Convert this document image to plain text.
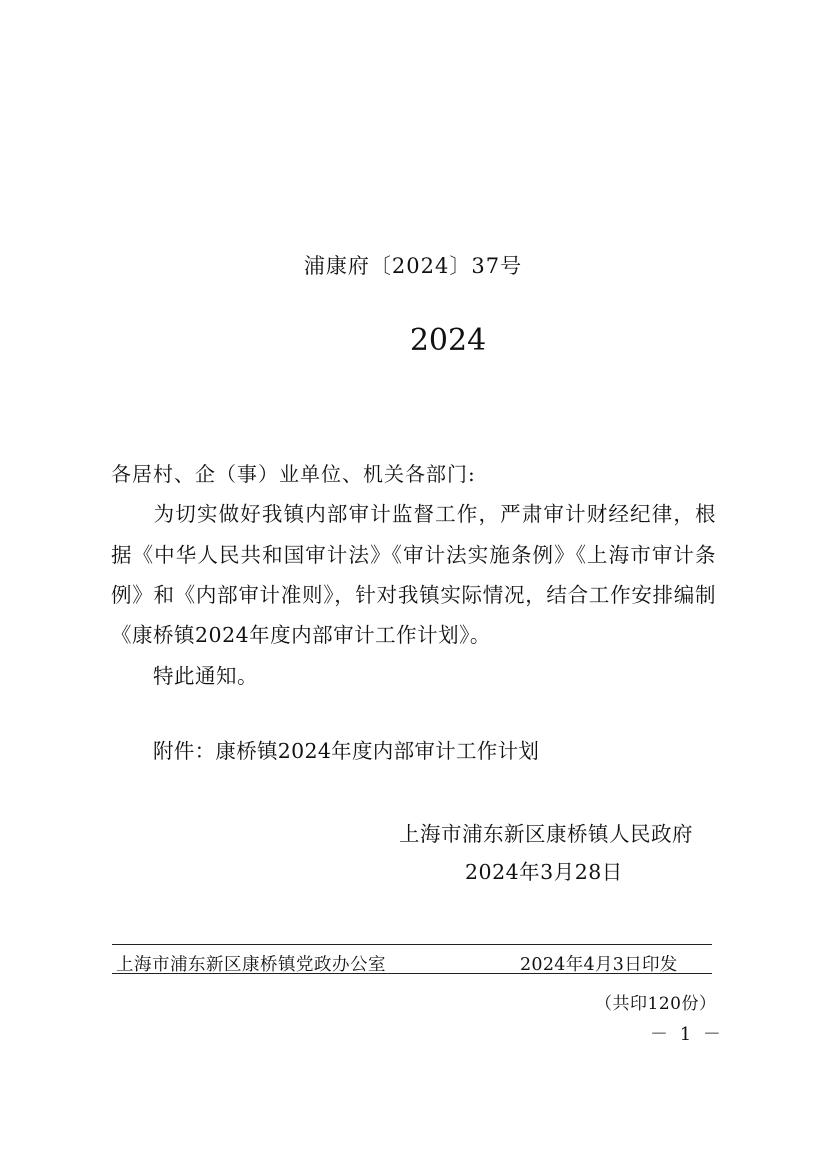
浦康府〔2024〕37号
2024
各居村、企（事）业单位、机关各部门:
为切实做好我镇内部审计监督工作，严肃审计财经纪律，根
据《中华人民共和国审计法》《审计法实施条例》《上海市审计条
例》和《内部审计准则》，针对我镇实际情况，结合工作安排编制
《康桥镇2024年度内部审计工作计划》。
特此通知。
附件：康桥镇2024年度内部审计工作计划
上海市浦东新区康桥镇人民政府
2024年3月28日
上海市浦东新区康桥镇党政办公室	2024年4月3日印发
（共印120份）
－ 1 －
